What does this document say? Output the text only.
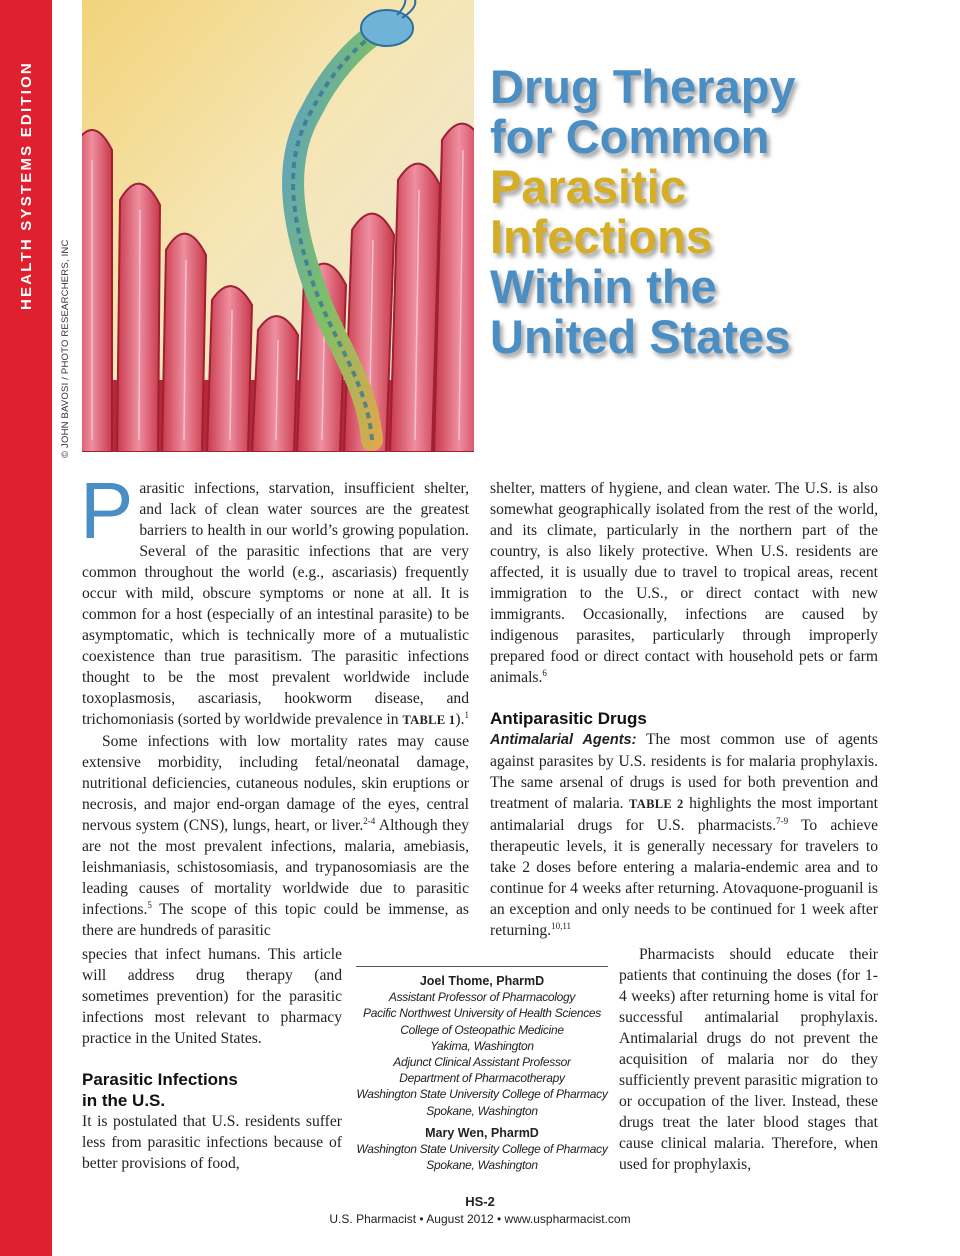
HEALTH SYSTEMS EDITION
© JOHN BAVOSI / PHOTO RESEARCHERS, INC
Drug Therapy
for Common
Parasitic
Infections
Within the
United States

Parasitic infections, starvation, insufficient shelter, and lack of clean water sources are the greatest barriers to health in our world’s growing population. Several of the parasitic infections that are very common throughout the world (e.g., ascariasis) frequently occur with mild, obscure symptoms or none at all. It is common for a host (especially of an intestinal parasite) to be asymptomatic, which is technically more of a mutualistic coexistence than true parasitism. The parasitic infections thought to be the most prevalent worldwide include toxoplasmosis, ascariasis, hookworm disease, and trichomoniasis (sorted by worldwide prevalence in TABLE 1).$^1$

Some infections with low mortality rates may cause extensive morbidity, including fetal/neonatal damage, nutritional deficiencies, cutaneous nodules, skin eruptions or necrosis, and major end-organ damage of the eyes, central nervous system (CNS), lungs, heart, or liver.$^{2-4}$ Although they are not the most prevalent infections, malaria, amebiasis, leishmaniasis, schistosomiasis, and trypanosomiasis are the leading causes of mortality worldwide due to parasitic infections.$^5$ The scope of this topic could be immense, as there are hundreds of parasitic

species that infect humans. This article will address drug therapy (and sometimes prevention) for the parasitic infections most relevant to pharmacy practice in the United States.

Parasitic Infections
in the U.S.

It is postulated that U.S. residents suffer less from parasitic infections because of better provisions of food,

shelter, matters of hygiene, and clean water. The U.S. is also somewhat geographically isolated from the rest of the world, and its climate, particularly in the northern part of the country, is also likely protective. When U.S. residents are affected, it is usually due to travel to tropical areas, recent immigration to the U.S., or direct contact with new immigrants. Occasionally, infections are caused by indigenous parasites, particularly through improperly prepared food or direct contact with household pets or farm animals.$^6$

Antiparasitic Drugs

Antimalarial Agents: The most common use of agents against parasites by U.S. residents is for malaria prophylaxis. The same arsenal of drugs is used for both prevention and treatment of malaria. TABLE 2 highlights the most important antimalarial drugs for U.S. pharmacists.$^{7-9}$ To achieve therapeutic levels, it is generally necessary for travelers to take 2 doses before entering a malaria-endemic area and to continue for 4 weeks after returning. Atovaquone-proguanil is an exception and only needs to be continued for 1 week after returning.$^{10,11}$

Pharmacists should educate their patients that continuing the doses (for 1-4 weeks) after returning home is vital for successful antimalarial prophylaxis. Antimalarial drugs do not prevent the acquisition of malaria nor do they sufficiently prevent parasitic migration to or occupation of the liver. Instead, these drugs treat the later blood stages that cause clinical malaria. Therefore, when used for prophylaxis,

Joel Thome, PharmD
Assistant Professor of Pharmacology
Pacific Northwest University of Health Sciences
College of Osteopathic Medicine
Yakima, Washington
Adjunct Clinical Assistant Professor
Department of Pharmacotherapy
Washington State University College of Pharmacy
Spokane, Washington
Mary Wen, PharmD
Washington State University College of Pharmacy
Spokane, Washington
HS-2
U.S. Pharmacist • August 2012 • www.uspharmacist.com
